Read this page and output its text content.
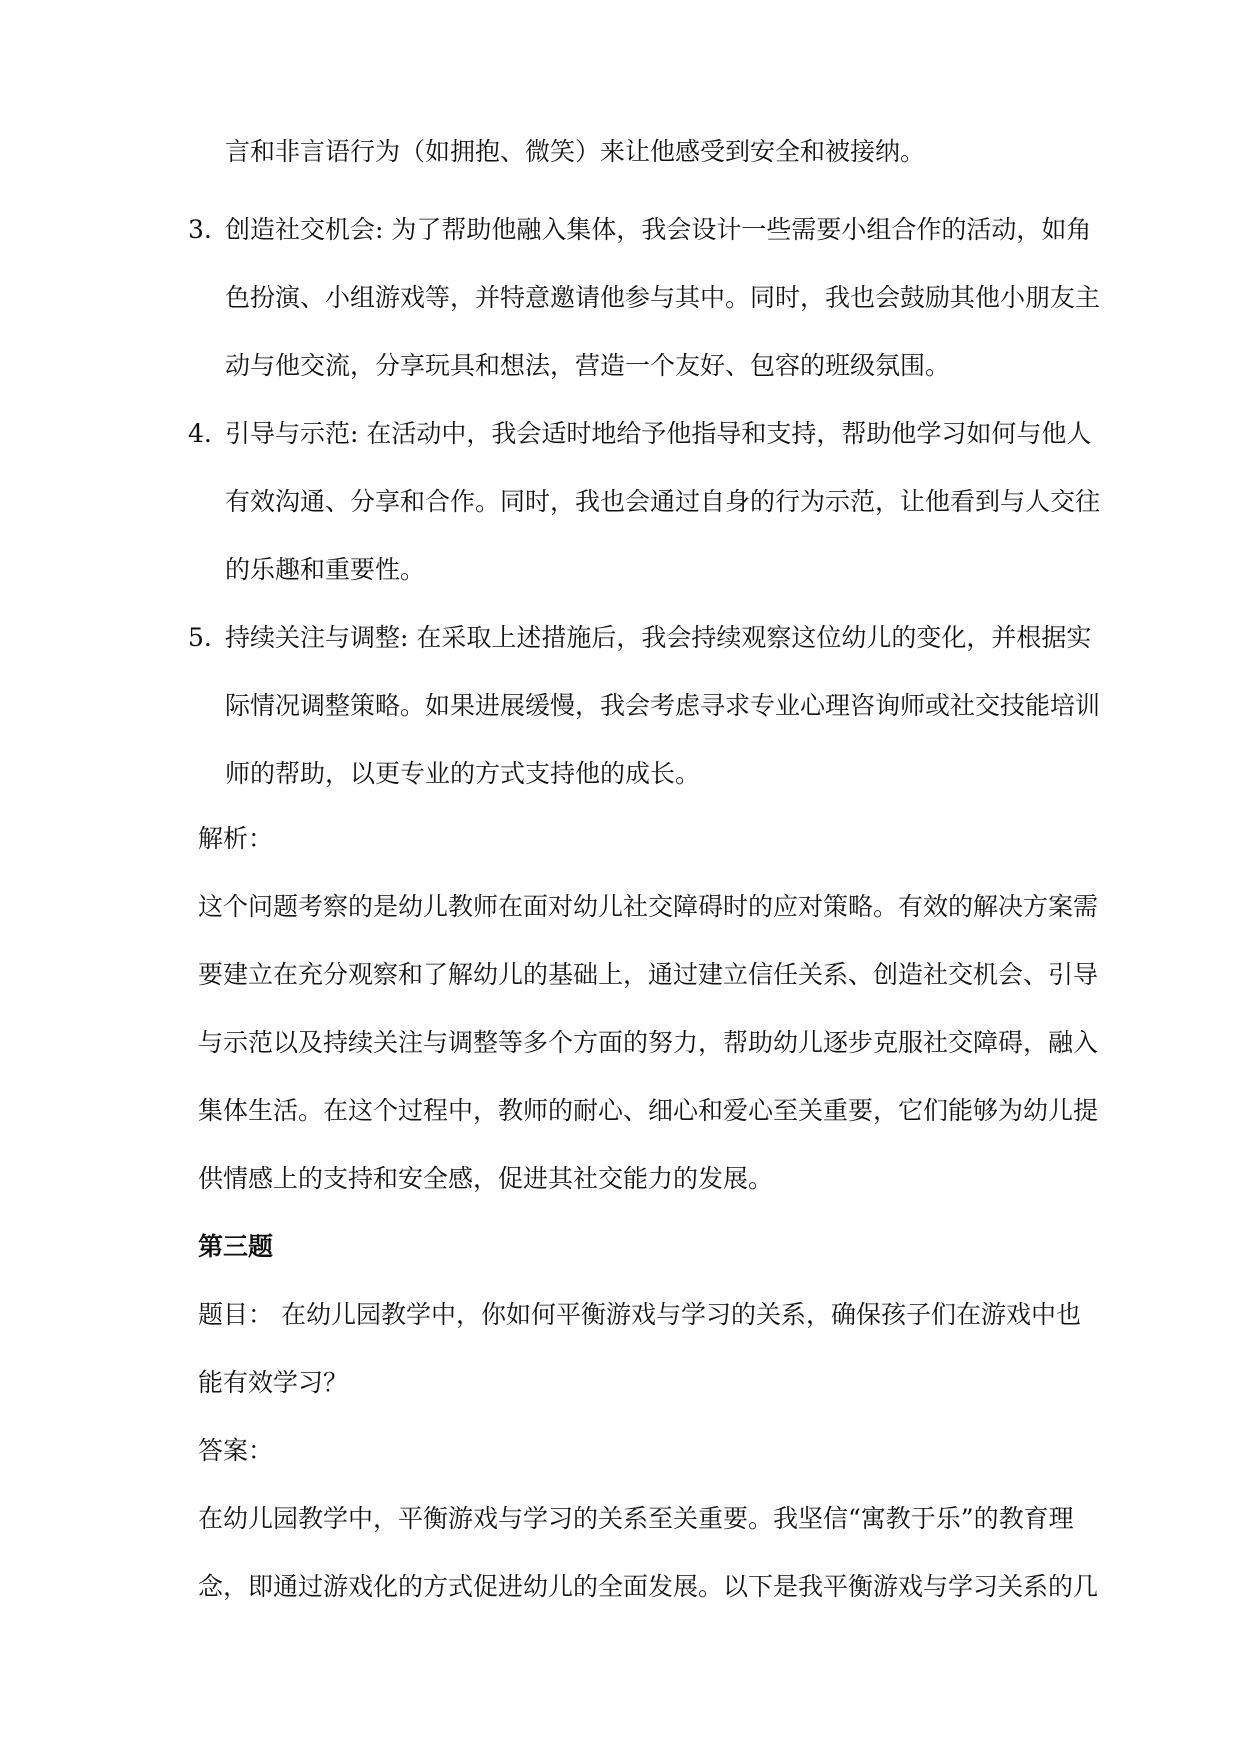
言和非言语行为（如拥抱、微笑）来让他感受到安全和被接纳。
3. 创造社交机会: 为了帮助他融入集体，我会设计一些需要小组合作的活动，如角
色扮演、小组游戏等，并特意邀请他参与其中。同时，我也会鼓励其他小朋友主
动与他交流，分享玩具和想法，营造一个友好、包容的班级氛围。
4. 引导与示范: 在活动中，我会适时地给予他指导和支持，帮助他学习如何与他人
有效沟通、分享和合作。同时，我也会通过自身的行为示范，让他看到与人交往
的乐趣和重要性。
5. 持续关注与调整: 在采取上述措施后，我会持续观察这位幼儿的变化，并根据实
际情况调整策略。如果进展缓慢，我会考虑寻求专业心理咨询师或社交技能培训
师的帮助，以更专业的方式支持他的成长。
解析：
这个问题考察的是幼儿教师在面对幼儿社交障碍时的应对策略。有效的解决方案需
要建立在充分观察和了解幼儿的基础上，通过建立信任关系、创造社交机会、引导
与示范以及持续关注与调整等多个方面的努力，帮助幼儿逐步克服社交障碍，融入
集体生活。在这个过程中，教师的耐心、细心和爱心至关重要，它们能够为幼儿提
供情感上的支持和安全感，促进其社交能力的发展。
第三题
题目： 在幼儿园教学中，你如何平衡游戏与学习的关系，确保孩子们在游戏中也
能有效学习？
答案：
在幼儿园教学中，平衡游戏与学习的关系至关重要。我坚信“寓教于乐”的教育理
念，即通过游戏化的方式促进幼儿的全面发展。以下是我平衡游戏与学习关系的几
